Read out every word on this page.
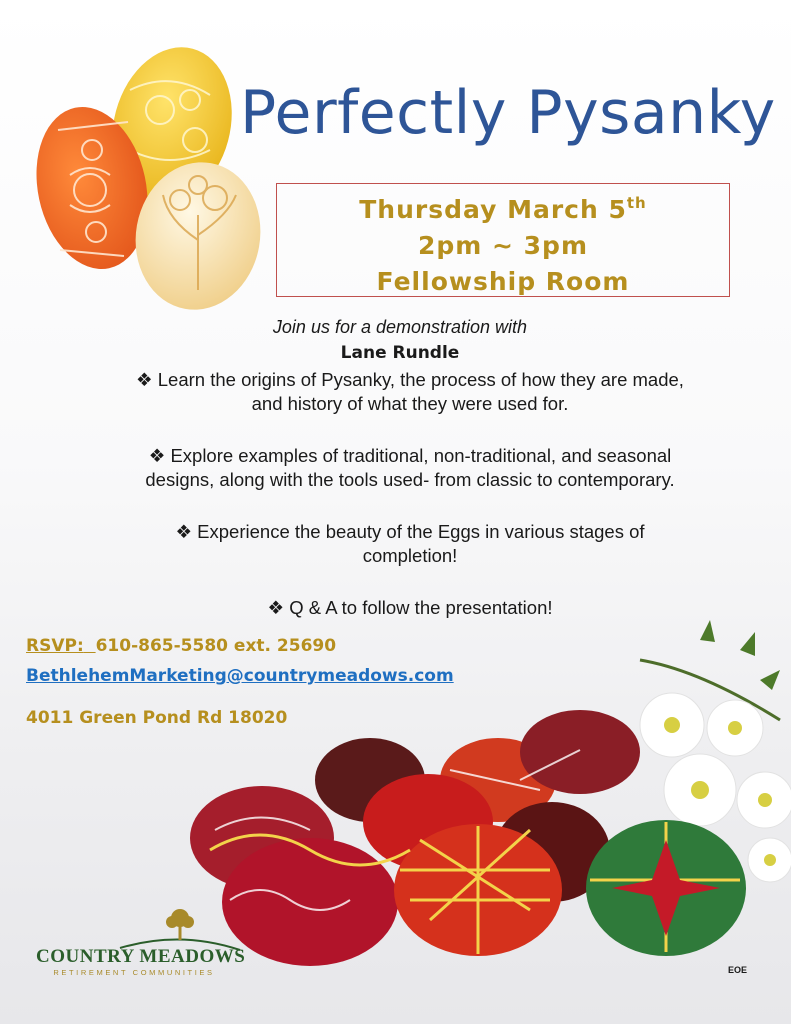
Perfectly Pysanky
Thursday March 5th
2pm ~ 3pm
Fellowship Room
Join us for a demonstration with
Lane Rundle
❖ Learn the origins of Pysanky, the process of how they are made,
and history of what they were used for.
❖ Explore examples of traditional, non-traditional, and seasonal
designs, along with the tools used- from classic to contemporary.
❖ Experience the beauty of the Eggs in various stages of
completion!
❖ Q & A to follow the presentation!
RSVP: 610-865-5580 ext. 25690
BethlehemMarketing@countrymeadows.com
4011 Green Pond Rd 18020
COUNTRY MEADOWS
RETIREMENT COMMUNITIES	EOE
